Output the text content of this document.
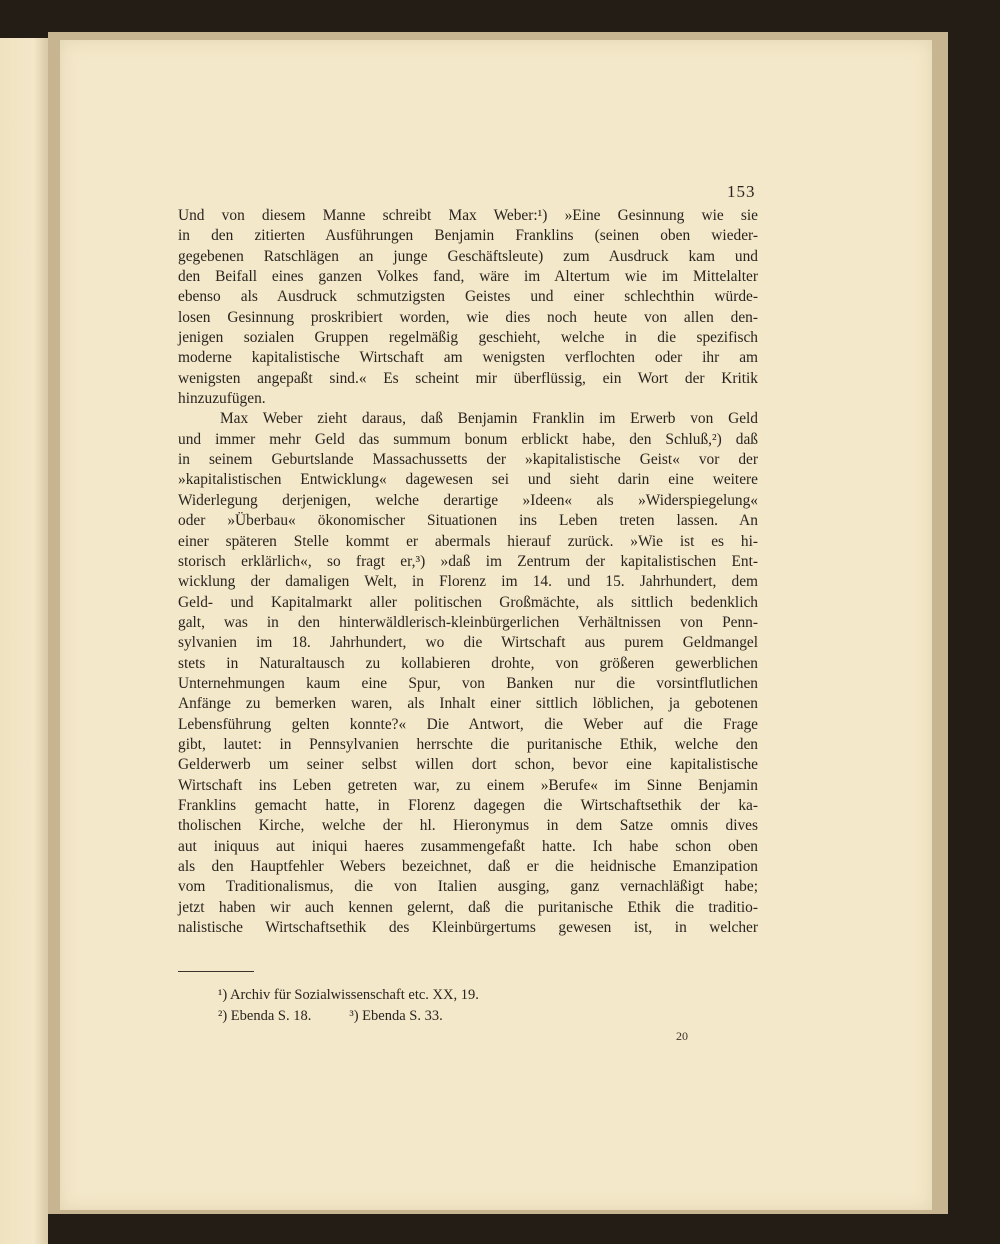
153
Und von diesem Manne schreibt Max Weber:¹) »Eine Gesinnung wie sie
in den zitierten Ausführungen Benjamin Franklins (seinen oben wieder-
gegebenen Ratschlägen an junge Geschäftsleute) zum Ausdruck kam und
den Beifall eines ganzen Volkes fand, wäre im Altertum wie im Mittelalter
ebenso als Ausdruck schmutzigsten Geistes und einer schlechthin würde-
losen Gesinnung proskribiert worden, wie dies noch heute von allen den-
jenigen sozialen Gruppen regelmäßig geschieht, welche in die spezifisch
moderne kapitalistische Wirtschaft am wenigsten verflochten oder ihr am
wenigsten angepaßt sind.« Es scheint mir überflüssig, ein Wort der Kritik
hinzuzufügen.
Max Weber zieht daraus, daß Benjamin Franklin im Erwerb von Geld
und immer mehr Geld das summum bonum erblickt habe, den Schluß,²) daß
in seinem Geburtslande Massachussetts der »kapitalistische Geist« vor der
»kapitalistischen Entwicklung« dagewesen sei und sieht darin eine weitere
Widerlegung derjenigen, welche derartige »Ideen« als »Widerspiegelung«
oder »Überbau« ökonomischer Situationen ins Leben treten lassen. An
einer späteren Stelle kommt er abermals hierauf zurück. »Wie ist es hi-
storisch erklärlich«, so fragt er,³) »daß im Zentrum der kapitalistischen Ent-
wicklung der damaligen Welt, in Florenz im 14. und 15. Jahrhundert, dem
Geld- und Kapitalmarkt aller politischen Großmächte, als sittlich bedenklich
galt, was in den hinterwäldlerisch-kleinbürgerlichen Verhältnissen von Penn-
sylvanien im 18. Jahrhundert, wo die Wirtschaft aus purem Geldmangel
stets in Naturaltausch zu kollabieren drohte, von größeren gewerblichen
Unternehmungen kaum eine Spur, von Banken nur die vorsintflutlichen
Anfänge zu bemerken waren, als Inhalt einer sittlich löblichen, ja gebotenen
Lebensführung gelten konnte?« Die Antwort, die Weber auf die Frage
gibt, lautet: in Pennsylvanien herrschte die puritanische Ethik, welche den
Gelderwerb um seiner selbst willen dort schon, bevor eine kapitalistische
Wirtschaft ins Leben getreten war, zu einem »Berufe« im Sinne Benjamin
Franklins gemacht hatte, in Florenz dagegen die Wirtschaftsethik der ka-
tholischen Kirche, welche der hl. Hieronymus in dem Satze omnis dives
aut iniquus aut iniqui haeres zusammengefaßt hatte. Ich habe schon oben
als den Hauptfehler Webers bezeichnet, daß er die heidnische Emanzipation
vom Traditionalismus, die von Italien ausging, ganz vernachläßigt habe;
jetzt haben wir auch kennen gelernt, daß die puritanische Ethik die traditio-
nalistische Wirtschaftsethik des Kleinbürgertums gewesen ist, in welcher
¹) Archiv für Sozialwissenschaft etc. XX, 19.
²) Ebenda S. 18.	³) Ebenda S. 33.
20
